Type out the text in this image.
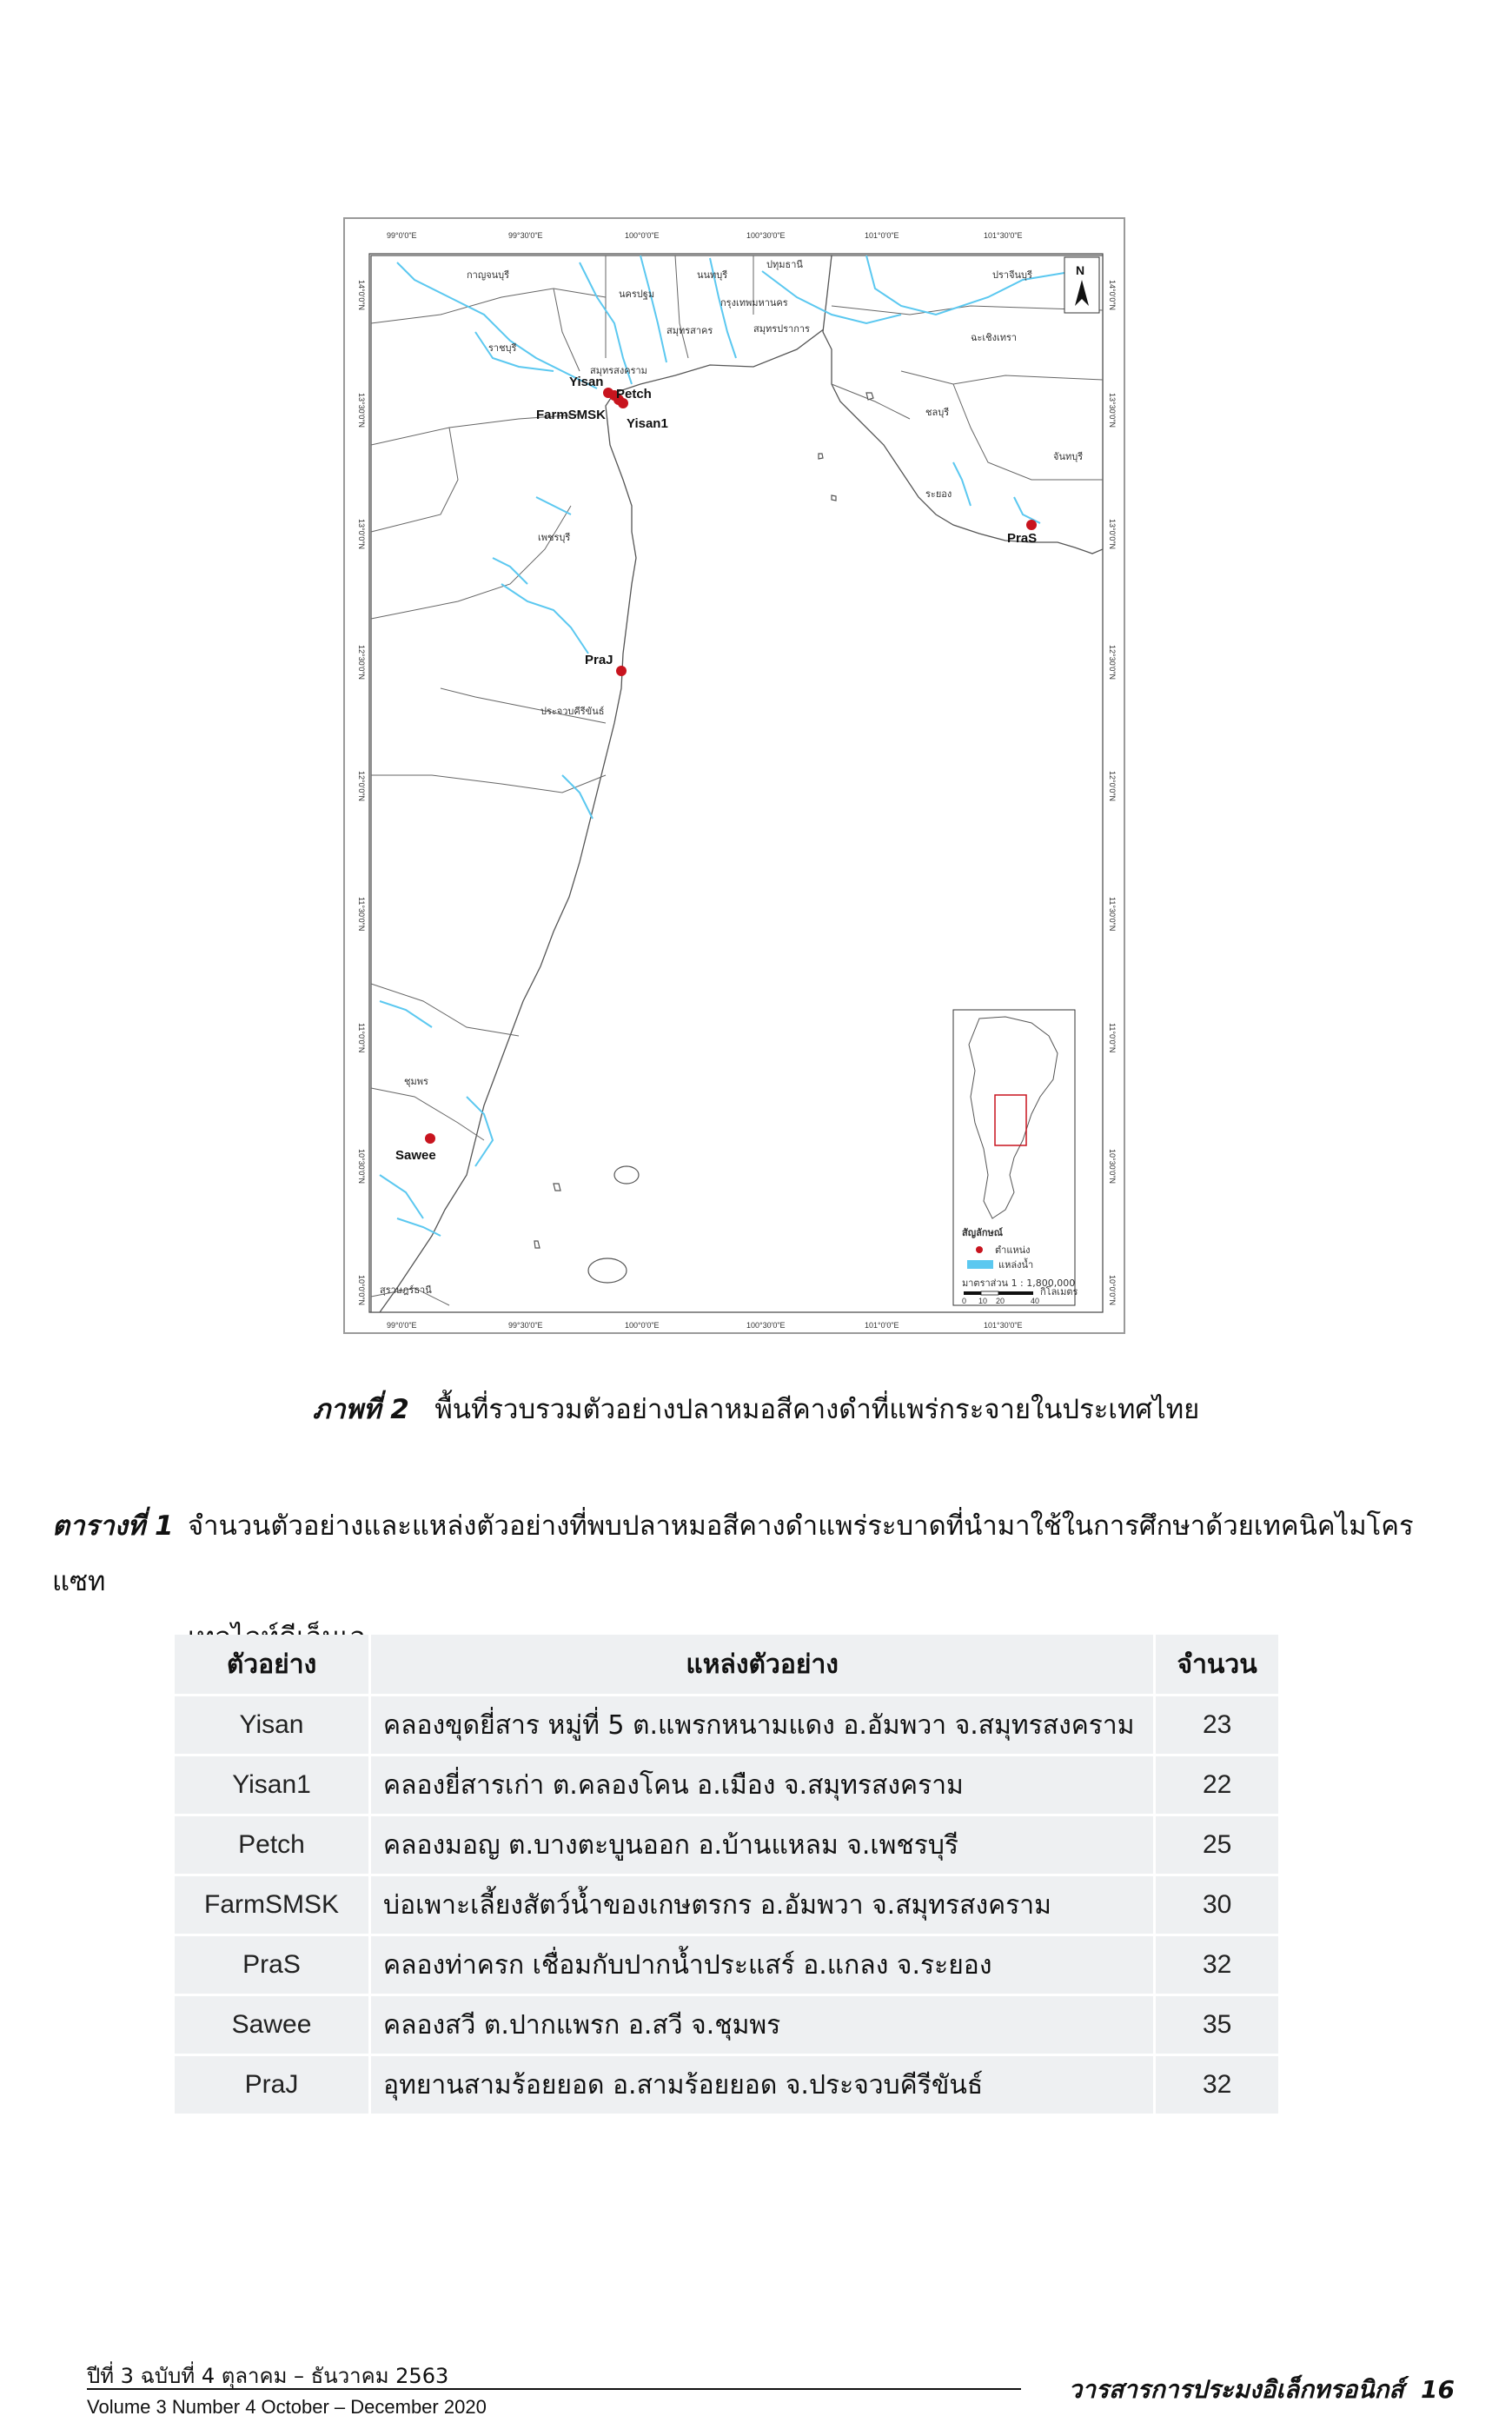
99°0'0"E	99°30'0"E	100°0'0"E	100°30'0"E	101°0'0"E	101°30'0"E
99°0'0"E	99°30'0"E	100°0'0"E	100°30'0"E	101°0'0"E	101°30'0"E
14°0'0"N
13°30'0"N
13°0'0"N
12°30'0"N
12°0'0"N
11°30'0"N
11°0'0"N
10°30'0"N
10°0'0"N
14°0'0"N
13°30'0"N
13°0'0"N
12°30'0"N
12°0'0"N
11°30'0"N
11°0'0"N
10°30'0"N
10°0'0"N
กาญจนบุรี
นครปฐม
นนทบุรี
ปทุมธานี
ปราจีนบุรี
กรุงเทพมหานคร
ราชบุรี
สมุทรสาคร	สมุทรปราการ
ฉะเชิงเทรา
สมุทรสงคราม
ชลบุรี
จันทบุรี
ระยอง
เพชรบุรี
ประจวบคีรีขันธ์
ชุมพร
สุราษฎร์ธานี
Yisan
Petch
FarmSMSK
Yisan1
PraS
PraJ
Sawee
N
สัญลักษณ์
ตำแหน่ง
แหล่งน้ำ
มาตราส่วน 1 : 1,800,000
0 10 20	40
กิโลเมตร
ภาพที่ 2 พื้นที่รวบรวมตัวอย่างปลาหมอสีคางดำที่แพร่กระจายในประเทศไทย
ตารางที่ 1 จำนวนตัวอย่างและแหล่งตัวอย่างที่พบปลาหมอสีคางดำแพร่ระบาดที่นำมาใช้ในการศึกษาด้วยเทคนิคไมโครแซท
ตัวอย่าง	แหล่งตัวอย่าง	จำนวน
Yisan	คลองขุดยี่สาร หมู่ที่ 5 ต.แพรกหนามแดง อ.อัมพวา จ.สมุทรสงคราม	23
Yisan1	คลองยี่สารเก่า ต.คลองโคน อ.เมือง จ.สมุทรสงคราม	22
Petch	คลองมอญ ต.บางตะบูนออก อ.บ้านแหลม จ.เพชรบุรี	25
FarmSMSK	บ่อเพาะเลี้ยงสัตว์น้ำของเกษตรกร อ.อัมพวา จ.สมุทรสงคราม	30
PraS	คลองท่าครก เชื่อมกับปากน้ำประแสร์ อ.แกลง จ.ระยอง	32
Sawee	คลองสวี ต.ปากแพรก อ.สวี จ.ชุมพร	35
PraJ	อุทยานสามร้อยยอด อ.สามร้อยยอด จ.ประจวบคีรีขันธ์	32
ปีที่ 3 ฉบับที่ 4 ตุลาคม – ธันวาคม 2563
Volume 3 Number 4 October – December 2020
วารสารการประมงอิเล็กทรอนิกส์ 16
